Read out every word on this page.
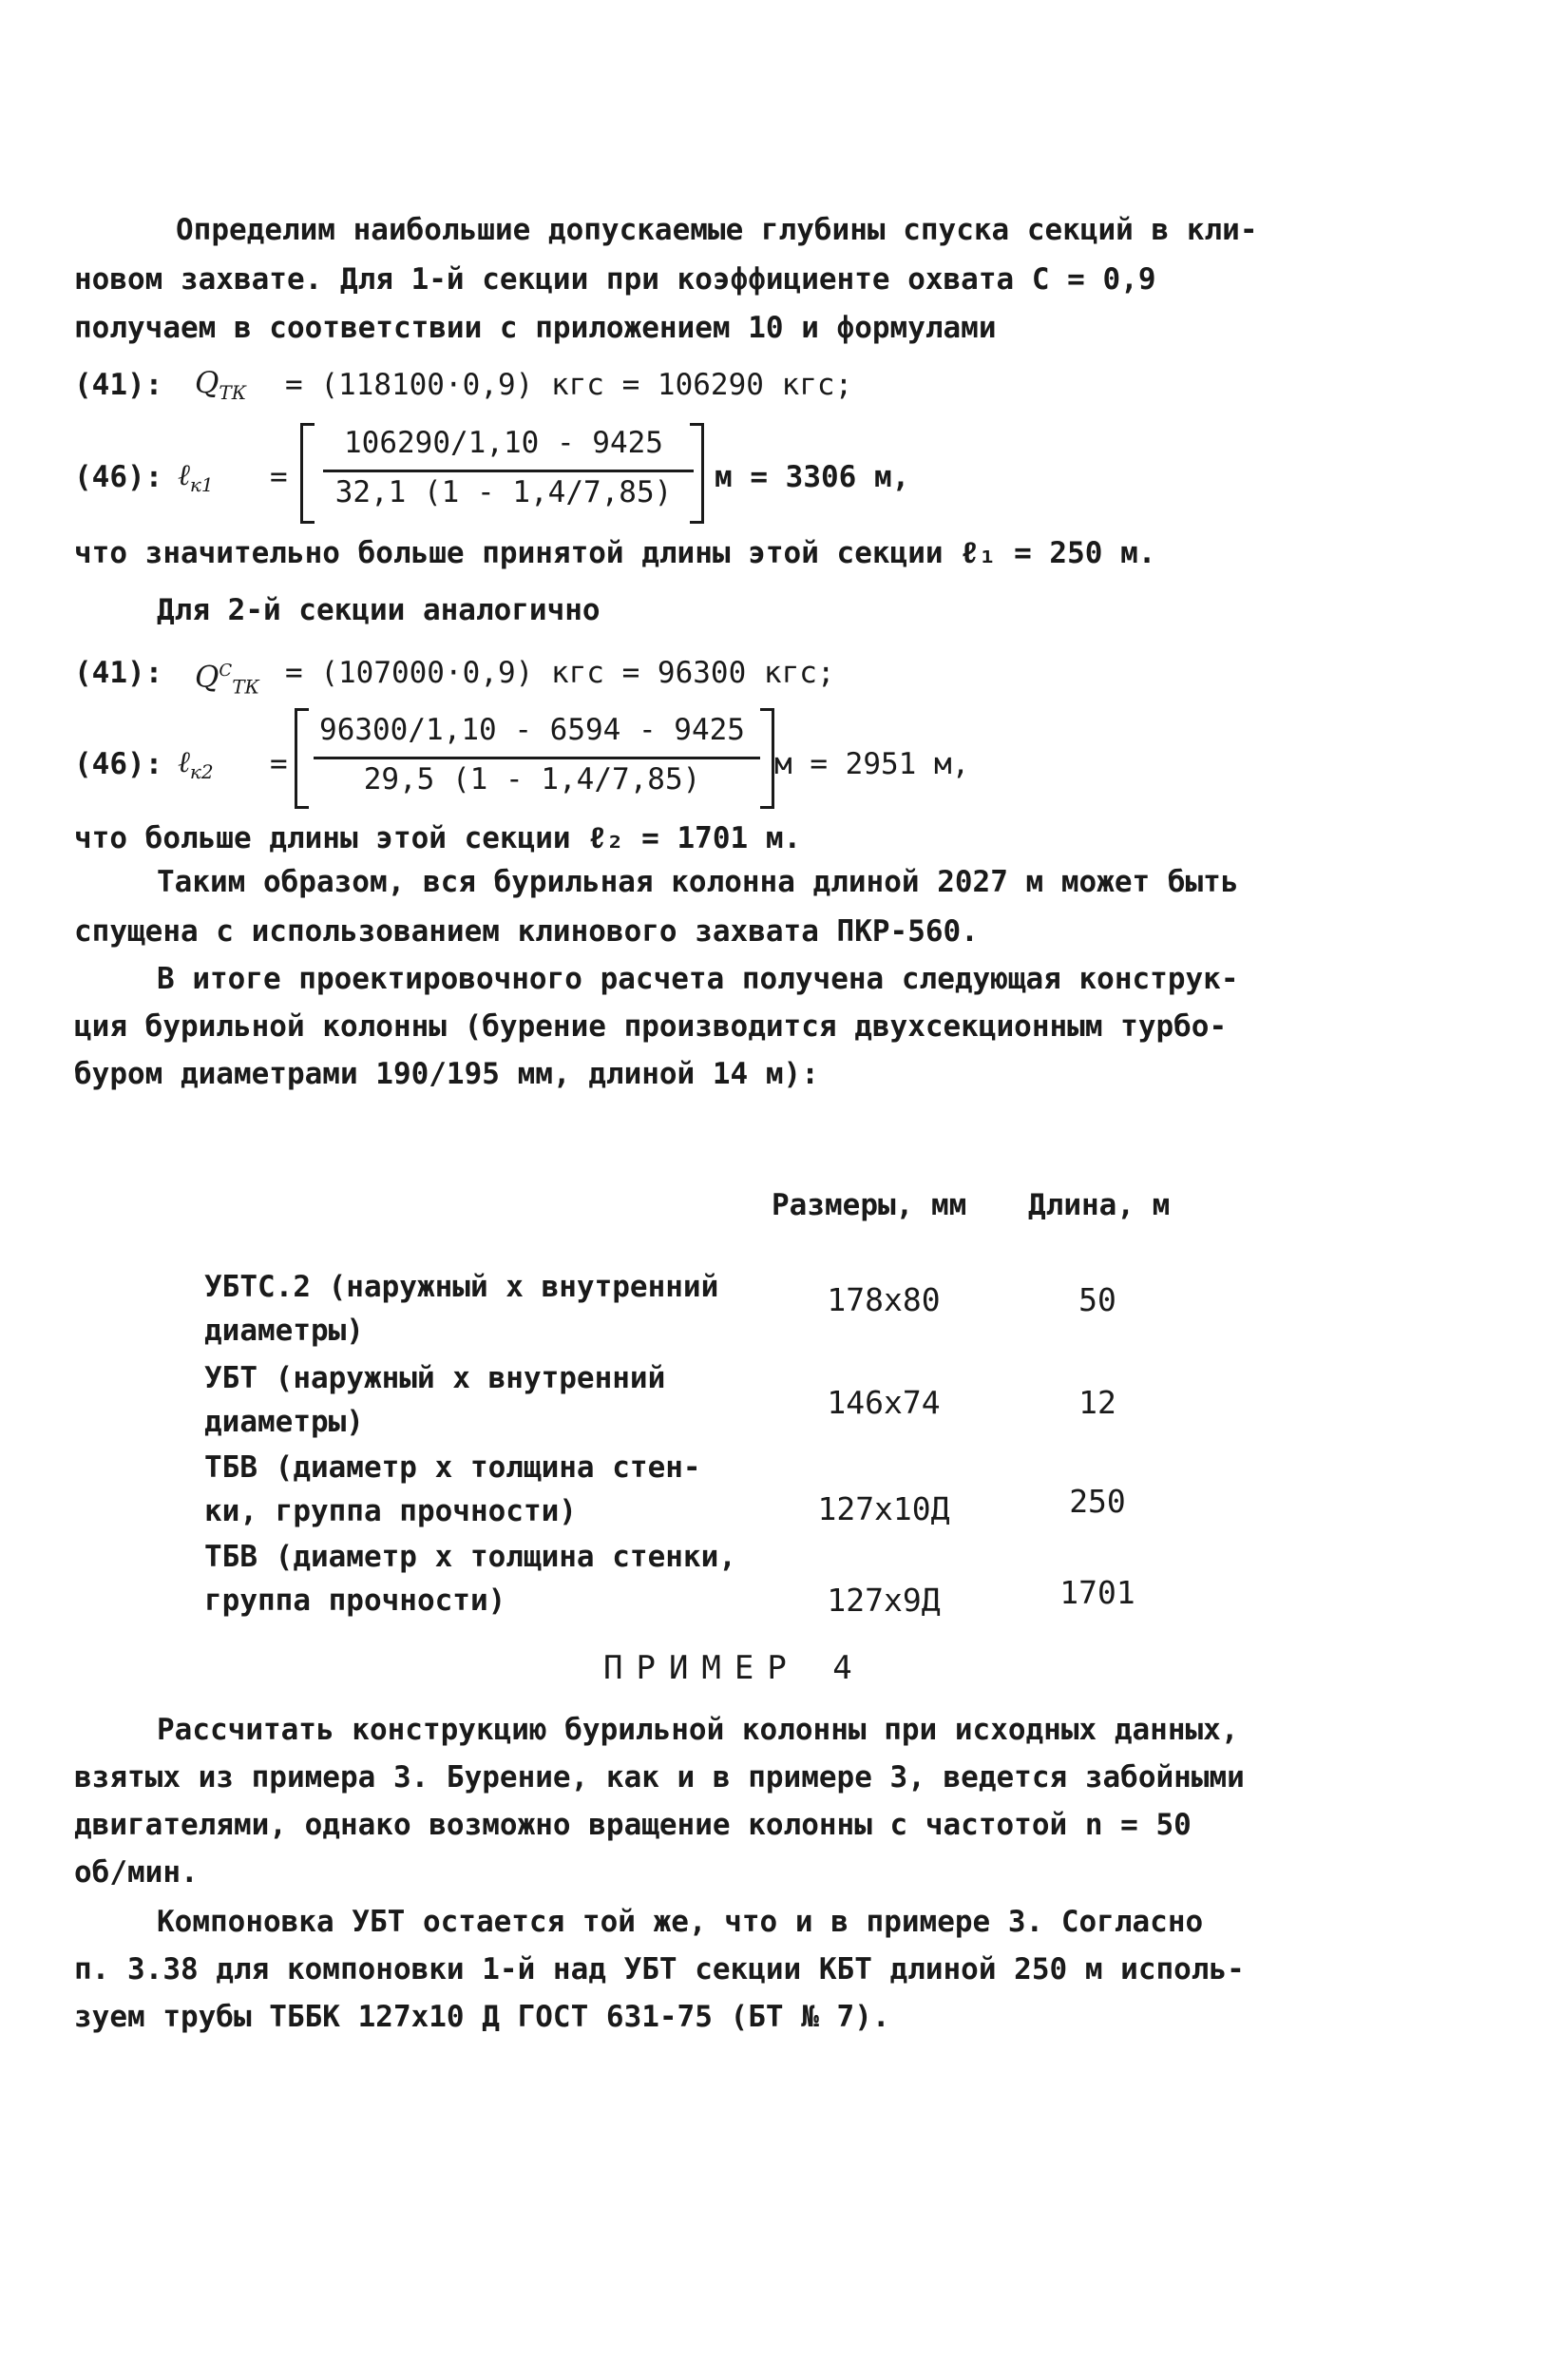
Определим наибольшие допускаемые глубины спуска секций в кли-
новом захвате. Для 1-й секции при коэффициенте охвата С = 0,9
получаем в соответствии с приложением 10 и формулами
(41): $Q_{ТК} = (118100\cdot 0,9)$ кгс = 106290 кгс;
(46): ℓ$_{к1}$ =
106290/1,10 - 9425
32,1 (1 - 1,4/7,85)	м = 3306 м,
что значительно больше принятой длины этой секции ℓ₁ = 250 м.
Для 2-й секции аналогично
(41): $Q^С_{ТК} = (107000\cdot 0,9)$ кгс = 96300 кгс;
(46): ℓ$_{к2}$ =
96300/1,10 - 6594 - 9425
29,5 (1 - 1,4/7,85)	м = 2951 м,
что больше длины этой секции ℓ₂ = 1701 м.
Таким образом, вся бурильная колонна длиной 2027 м может быть
спущена с использованием клинового захвата ПКР-560.
В итоге проектировочного расчета получена следующая конструк-
ция бурильной колонны (бурение производится двухсекционным турбо-
буром диаметрами 190/195 мм, длиной 14 м):
Размеры, мм Длина, м
УБТС.2 (наружный х внутренний
диаметры)
178х80	50
УБТ (наружный х внутренний
диаметры)
146х74	12
ТБВ (диаметр х толщина стен-
ки, группа прочности)	127х10Д	250
ТБВ (диаметр х толщина стенки,
группа прочности)	127х9Д	1701
ПРИМЕР 4
Рассчитать конструкцию бурильной колонны при исходных данных,
взятых из примера 3. Бурение, как и в примере 3, ведется забойными
двигателями, однако возможно вращение колонны с частотой n = 50
об/мин.
Компоновка УБТ остается той же, что и в примере 3. Согласно
п. 3.38 для компоновки 1-й над УБТ секции КБТ длиной 250 м исполь-
зуем трубы ТББК 127х10 Д ГОСТ 631-75 (БТ № 7).
